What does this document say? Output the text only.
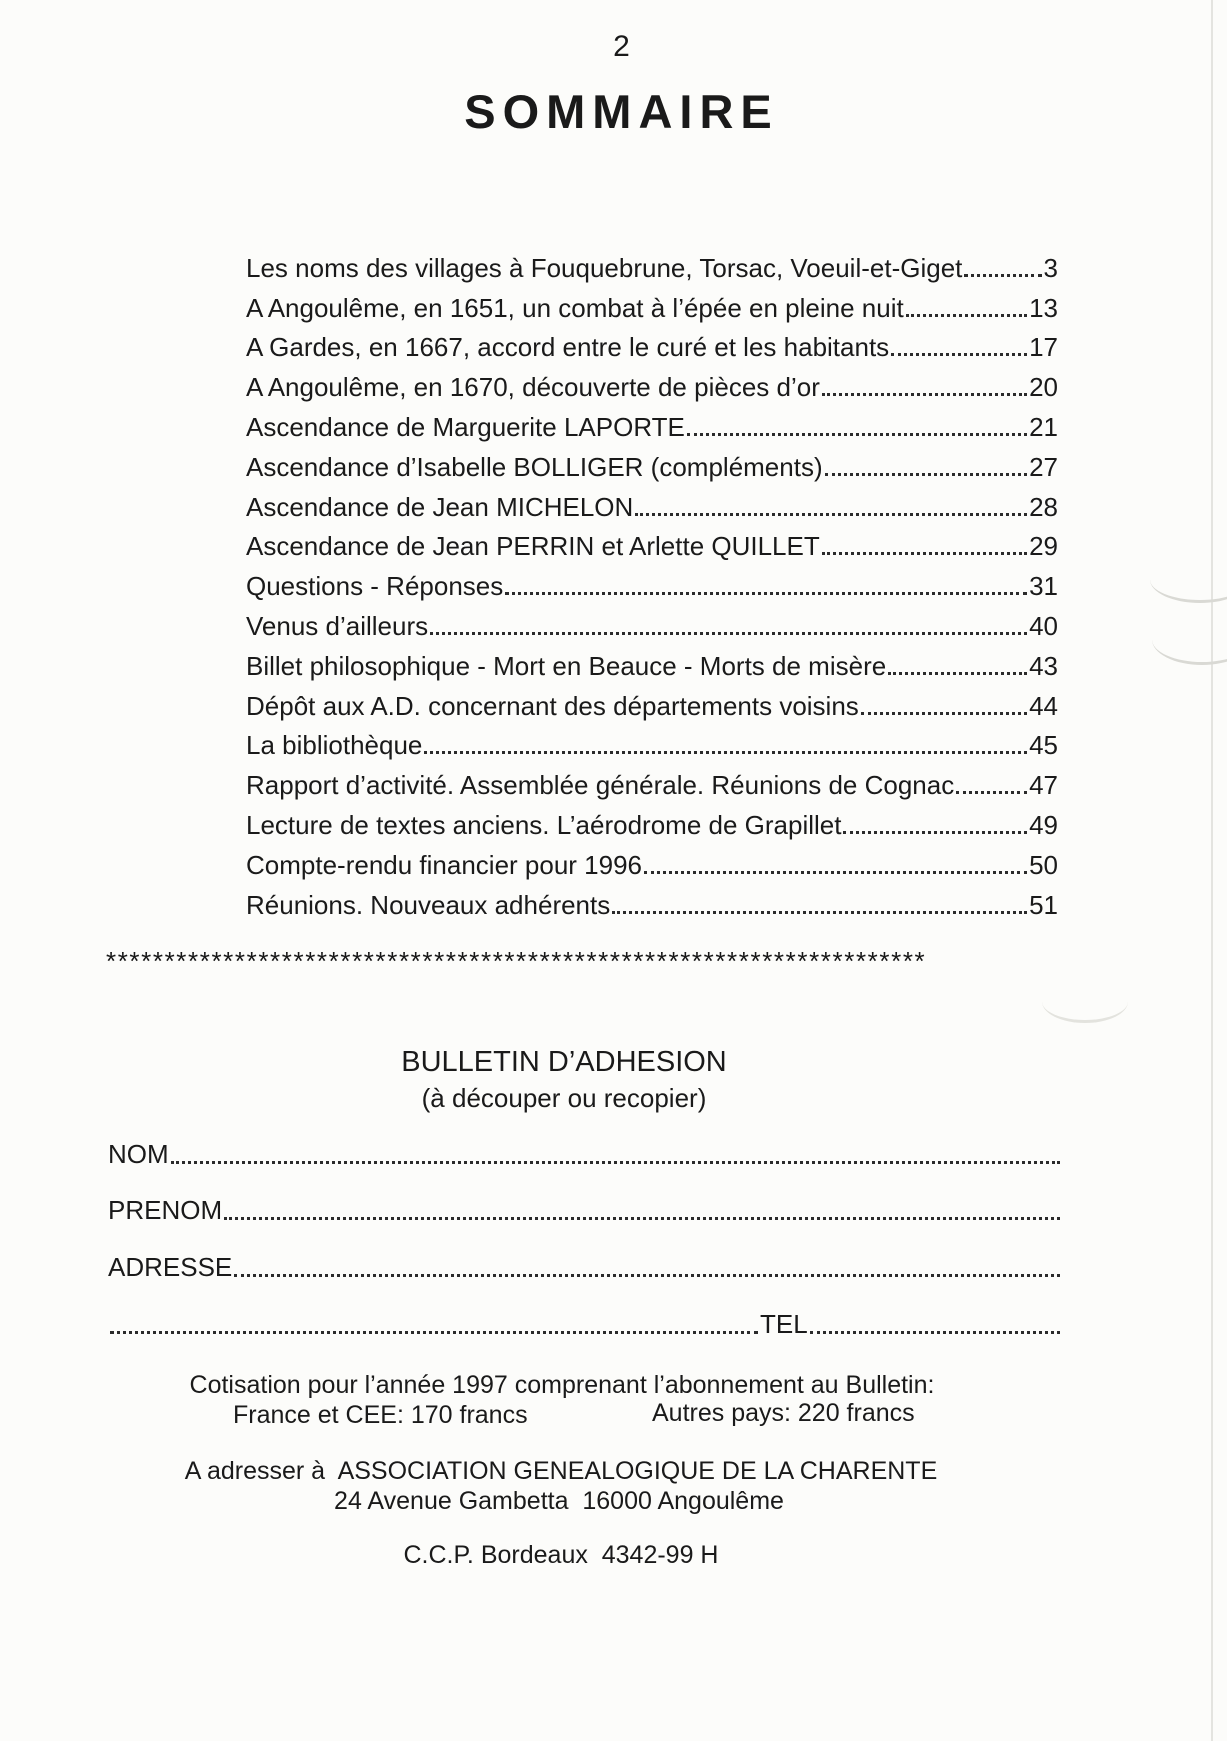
2
SOMMAIRE
Les noms des villages à Fouquebrune, Torsac, Voeuil-et-Giget	3
A Angoulême, en 1651, un combat à l’épée en pleine nuit	13
A Gardes, en 1667, accord entre le curé et les habitants	17
A Angoulême, en 1670, découverte de pièces d’or	20
Ascendance de Marguerite LAPORTE	21
Ascendance d’Isabelle BOLLIGER (compléments)	27
Ascendance de Jean MICHELON	28
Ascendance de Jean PERRIN et Arlette QUILLET	29
Questions - Réponses	31
Venus d’ailleurs	40
Billet philosophique - Mort en Beauce - Morts de misère	43
Dépôt aux A.D. concernant des départements voisins	44
La bibliothèque	45
Rapport d’activité. Assemblée générale. Réunions de Cognac	47
Lecture de textes anciens. L’aérodrome de Grapillet	49
Compte-rendu financier pour 1996	50
Réunions. Nouveaux adhérents	51
**********************************************************************
BULLETIN D’ADHESION
(à découper ou recopier)
NOM
PRENOM
ADRESSE
TEL
Cotisation pour l’année 1997 comprenant l’abonnement au Bulletin:
France et CEE: 170 francs	Autres pays: 220 francs
A adresser à  ASSOCIATION GENEALOGIQUE DE LA CHARENTE
24 Avenue Gambetta  16000 Angoulême
C.C.P. Bordeaux  4342-99 H
